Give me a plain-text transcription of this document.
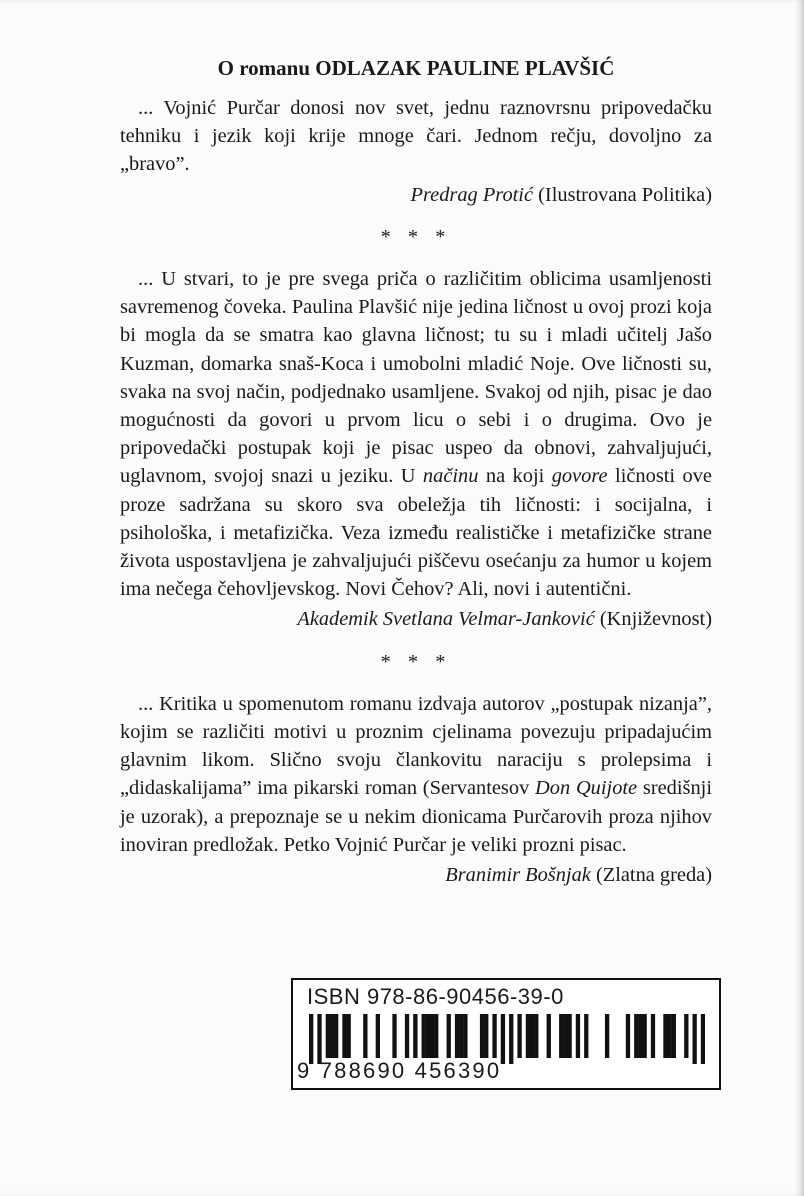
O romanu ODLAZAK PAULINE PLAVŠIĆ

... Vojnić Purčar donosi nov svet, jednu raznovrsnu pripovedačku tehniku i jezik koji krije mnoge čari. Jednom rečju, dovoljno za „bravo”.

Predrag Protić (Ilustrovana Politika)
* * *

... U stvari, to je pre svega priča o različitim oblicima usamljenosti savremenog čoveka. Paulina Plavšić nije jedina ličnost u ovoj prozi koja bi mogla da se smatra kao glavna ličnost; tu su i mladi učitelj Jašo Kuzman, domarka snaš-Koca i umobolni mladić Noje. Ove ličnosti su, svaka na svoj način, podjednako usamljene. Svakoj od njih, pisac je dao mogućnosti da govori u prvom licu o sebi i o drugima. Ovo je pripovedački postupak koji je pisac uspeo da obnovi, zahvaljujući, uglavnom, svojoj snazi u jeziku. U načinu na koji govore ličnosti ove proze sadržana su skoro sva obeležja tih ličnosti: i socijalna, i psihološka, i metafizička. Veza između realističke i metafizičke strane života uspostavljena je zahvaljujući piščevu osećanju za humor u kojem ima nečega čehovljevskog. Novi Čehov? Ali, novi i autentični.

Akademik Svetlana Velmar-Janković (Književnost)
* * *

... Kritika u spomenutom romanu izdvaja autorov „postupak nizanja”, kojim se različiti motivi u proznim cjelinama povezuju pripadajućim glavnim likom. Slično svoju člankovitu naraciju s prolepsima i „didaskalijama” ima pikarski roman (Servantesov Don Quijote središnji je uzorak), a prepoznaje se u nekim dionicama Purčarovih proza njihov inoviran predložak. Petko Vojnić Purčar je veliki prozni pisac.

Branimir Bošnjak (Zlatna greda)
ISBN 978-86-90456-39-0
9 788690 456390
